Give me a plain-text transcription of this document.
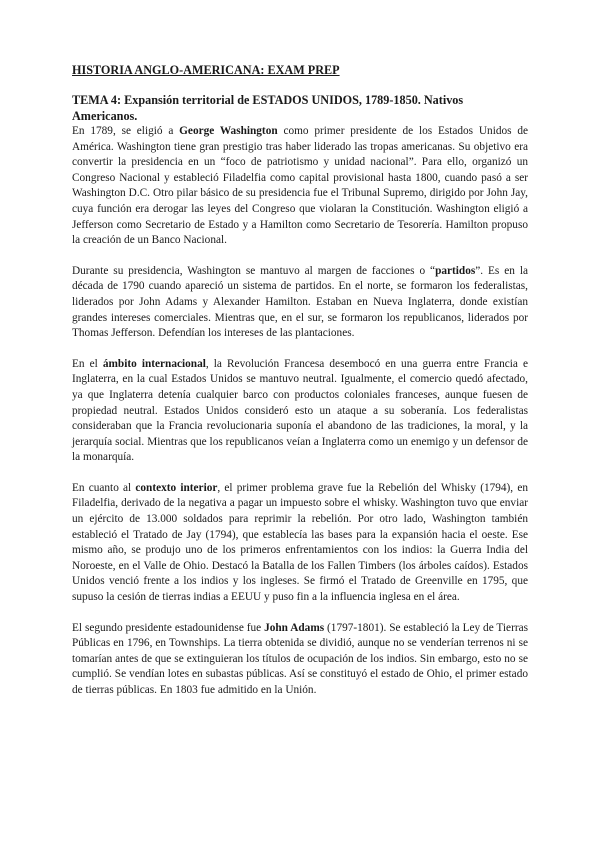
HISTORIA ANGLO-AMERICANA: EXAM PREP

TEMA 4: Expansión territorial de ESTADOS UNIDOS, 1789-1850. Nativos Americanos.

En 1789, se eligió a George Washington como primer presidente de los Estados Unidos de América. Washington tiene gran prestigio tras haber liderado las tropas americanas. Su objetivo era convertir la presidencia en un “foco de patriotismo y unidad nacional”. Para ello, organizó un Congreso Nacional y estableció Filadelfia como capital provisional hasta 1800, cuando pasó a ser Washington D.C. Otro pilar básico de su presidencia fue el Tribunal Supremo, dirigido por John Jay, cuya función era derogar las leyes del Congreso que violaran la Constitución. Washington eligió a Jefferson como Secretario de Estado y a Hamilton como Secretario de Tesorería. Hamilton propuso la creación de un Banco Nacional.

Durante su presidencia, Washington se mantuvo al margen de facciones o “partidos”. Es en la década de 1790 cuando apareció un sistema de partidos. En el norte, se formaron los federalistas, liderados por John Adams y Alexander Hamilton. Estaban en Nueva Inglaterra, donde existían grandes intereses comerciales. Mientras que, en el sur, se formaron los republicanos, liderados por Thomas Jefferson. Defendían los intereses de las plantaciones.

En el ámbito internacional, la Revolución Francesa desembocó en una guerra entre Francia e Inglaterra, en la cual Estados Unidos se mantuvo neutral. Igualmente, el comercio quedó afectado, ya que Inglaterra detenía cualquier barco con productos coloniales franceses, aunque fuesen de propiedad neutral. Estados Unidos consideró esto un ataque a su soberanía. Los federalistas consideraban que la Francia revolucionaria suponía el abandono de las tradiciones, la moral, y la jerarquía social. Mientras que los republicanos veían a Inglaterra como un enemigo y un defensor de la monarquía.

En cuanto al contexto interior, el primer problema grave fue la Rebelión del Whisky (1794), en Filadelfia, derivado de la negativa a pagar un impuesto sobre el whisky. Washington tuvo que enviar un ejército de 13.000 soldados para reprimir la rebelión. Por otro lado, Washington también estableció el Tratado de Jay (1794), que establecía las bases para la expansión hacia el oeste. Ese mismo año, se produjo uno de los primeros enfrentamientos con los indios: la Guerra India del Noroeste, en el Valle de Ohio. Destacó la Batalla de los Fallen Timbers (los árboles caídos). Estados Unidos venció frente a los indios y los ingleses. Se firmó el Tratado de Greenville en 1795, que supuso la cesión de tierras indias a EEUU y puso fin a la influencia inglesa en el área.

El segundo presidente estadounidense fue John Adams (1797-1801). Se estableció la Ley de Tierras Públicas en 1796, en Townships. La tierra obtenida se dividió, aunque no se venderían terrenos ni se tomarían antes de que se extinguieran los títulos de ocupación de los indios. Sin embargo, esto no se cumplió. Se vendían lotes en subastas públicas. Así se constituyó el estado de Ohio, el primer estado de tierras públicas. En 1803 fue admitido en la Unión.
